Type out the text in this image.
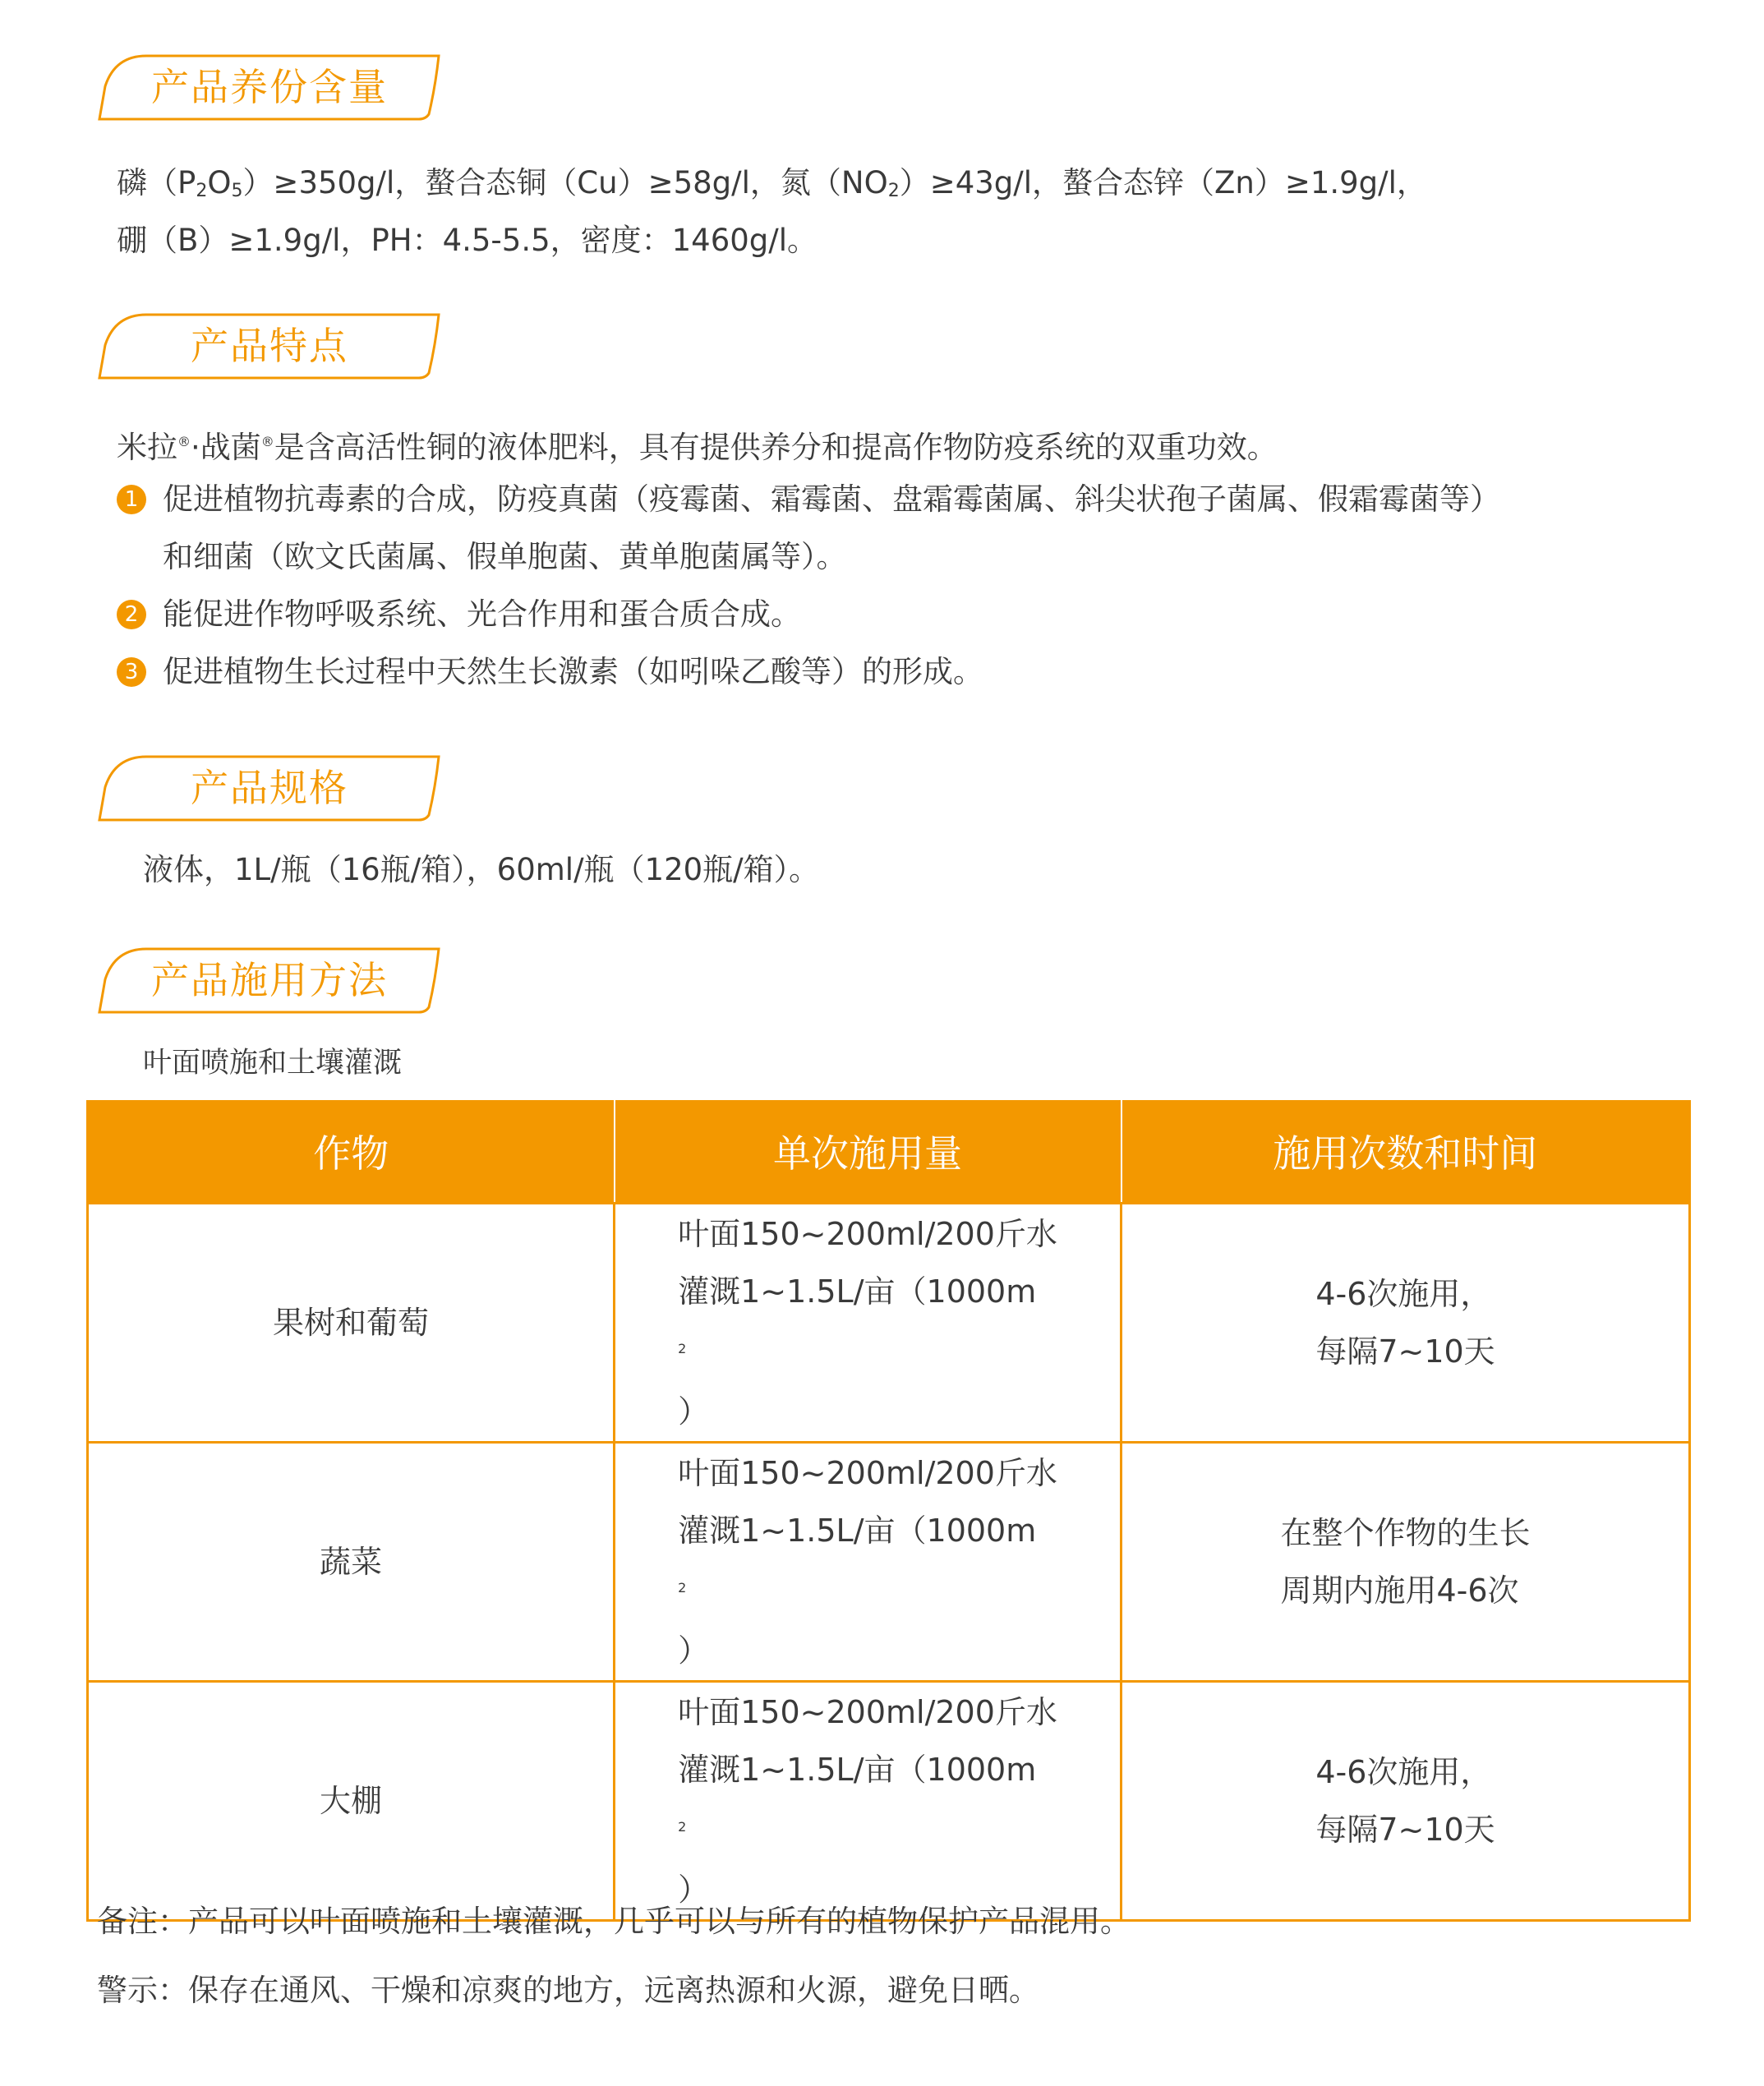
产品养份含量
磷$(P_2O_5)\ge 350g/l$，螯合态铜（Cu）≥58g/l，氮$(NO_2)\ge 43g/l$，螯合态锌（Zn）≥1.9g/l，
硼（B）≥1.9g/l，PH：4.5-5.5，密度：1460g/l。
产品特点
米拉®·战菌®是含高活性铜的液体肥料，具有提供养分和提高作物防疫系统的双重功效。
1 促进植物抗毒素的合成，防疫真菌（疫霉菌、霜霉菌、盘霜霉菌属、斜尖状孢子菌属、假霜霉菌等）
和细菌（欧文氏菌属、假单胞菌、黄单胞菌属等）。
2 能促进作物呼吸系统、光合作用和蛋合质合成。
3 促进植物生长过程中天然生长激素（如吲哚乙酸等）的形成。
产品规格
液体，1L/瓶（16瓶/箱），60ml/瓶（120瓶/箱）。
产品施用方法
叶面喷施和土壤灌溉
作物	单次施用量	施用次数和时间
果树和葡萄	叶面150~200ml/200斤水
灌溉1~1.5L/亩（1000m
$^2$
）	4-6次施用，
每隔7~10天

蔬菜	叶面150~200ml/200斤水
灌溉1~1.5L/亩（1000m
$^2$
）	在整个作物的生长
周期内施用4-6次

大棚	叶面150~200ml/200斤水
灌溉1~1.5L/亩（1000m
$^2$
）	4-6次施用，
每隔7~10天
备注：产品可以叶面喷施和土壤灌溉，几乎可以与所有的植物保护产品混用。
警示：保存在通风、干燥和凉爽的地方，远离热源和火源，避免日晒。
